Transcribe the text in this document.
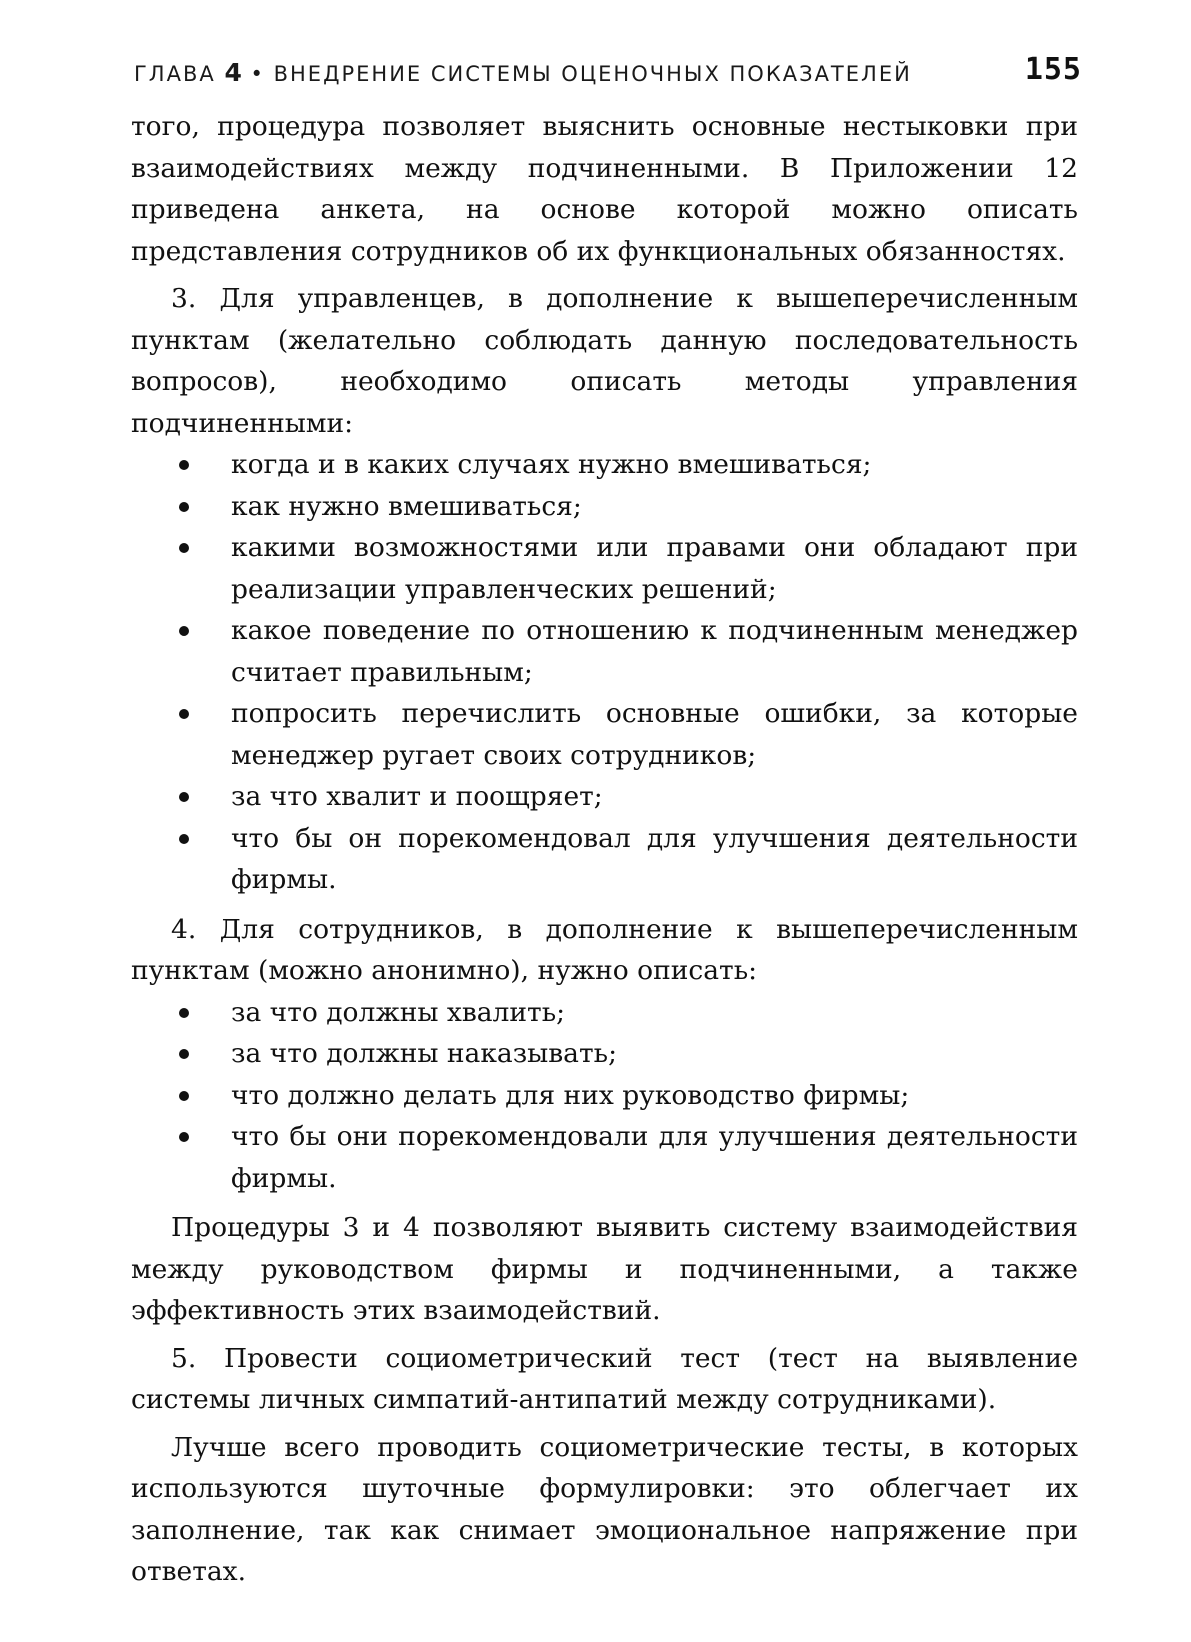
ГЛАВА 4 • ВНЕДРЕНИЕ СИСТЕМЫ ОЦЕНОЧНЫХ ПОКАЗАТЕЛЕЙ	155

того, процедура позволяет выяснить основные нестыковки при взаимодействиях между подчиненными. В Приложении 12 приведена анкета, на основе которой можно описать представления сотрудников об их функциональных обязанностях.

3. Для управленцев, в дополнение к вышеперечисленным пунктам (желательно соблюдать данную последовательность вопросов), необходимо описать методы управления подчиненными:

когда и в каких случаях нужно вмешиваться;
как нужно вмешиваться;
какими возможностями или правами они обладают при реализации управленческих решений;
какое поведение по отношению к подчиненным менеджер считает правильным;
попросить перечислить основные ошибки, за которые менеджер ругает своих сотрудников;
за что хвалит и поощряет;
что бы он порекомендовал для улучшения деятельности фирмы.

4. Для сотрудников, в дополнение к вышеперечисленным пунктам (можно анонимно), нужно описать:

за что должны хвалить;
за что должны наказывать;
что должно делать для них руководство фирмы;
что бы они порекомендовали для улучшения деятельности фирмы.

Процедуры 3 и 4 позволяют выявить систему взаимодействия между руководством фирмы и подчиненными, а также эффективность этих взаимодействий.

5. Провести социометрический тест (тест на выявление системы личных симпатий-антипатий между сотрудниками).

Лучше всего проводить социометрические тесты, в которых используются шуточные формулировки: это облегчает их заполнение, так как снимает эмоциональное напряжение при ответах.
